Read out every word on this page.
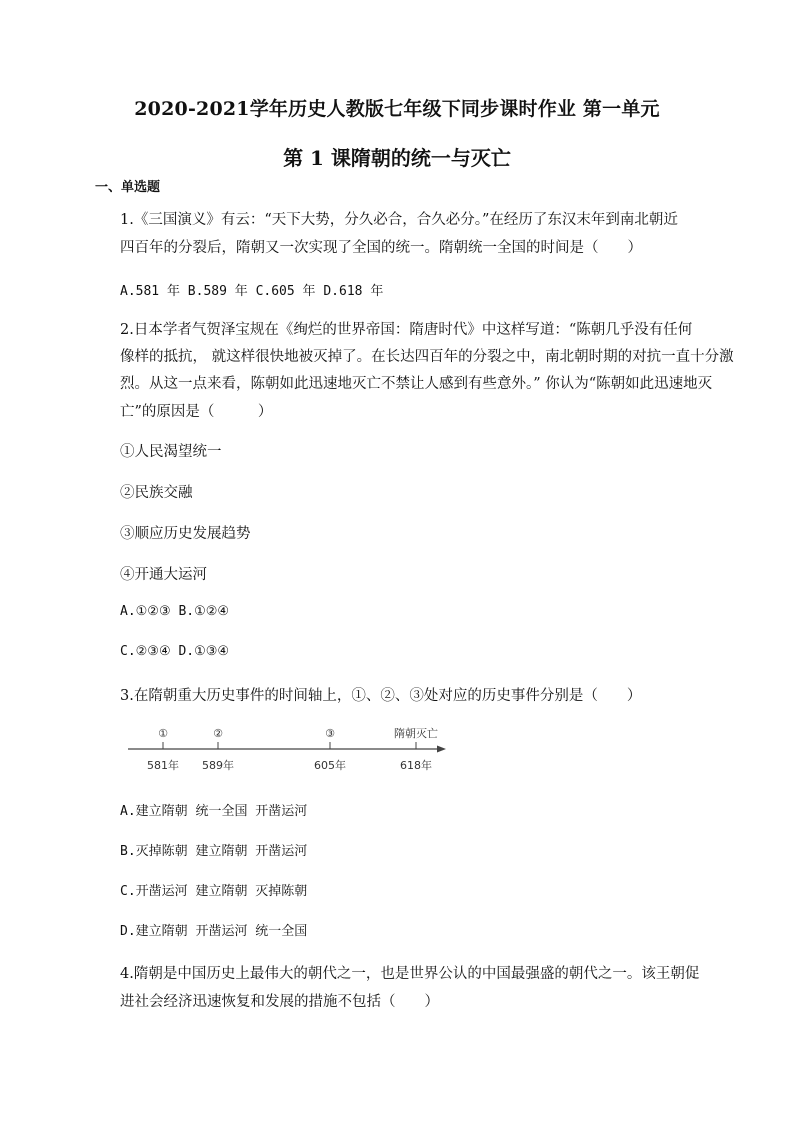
2020-2021学年历史人教版七年级下同步课时作业 第一单元
第 1 课隋朝的统一与灭亡
一、单选题
1.《三国演义》有云：“天下大势，分久必合，合久必分。”在经历了东汉末年到南北朝近
四百年的分裂后，隋朝又一次实现了全国的统一。隋朝统一全国的时间是（　　）
A.581 年 B.589 年 C.605 年 D.618 年
2.日本学者气贺泽宝规在《绚烂的世界帝国：隋唐时代》中这样写道：“陈朝几乎没有任何
像样的抵抗， 就这样很快地被灭掉了。在长达四百年的分裂之中，南北朝时期的对抗一直十分激
烈。从这一点来看，陈朝如此迅速地灭亡不禁让人感到有些意外。” 你认为“陈朝如此迅速地灭
亡”的原因是（　　　）
①人民渴望统一
②民族交融
③顺应历史发展趋势
④开通大运河
A.①②③ B.①②④
C.②③④ D.①③④
3.在隋朝重大历史事件的时间轴上，①、②、③处对应的历史事件分别是（　　）
①
581年
②
589年
③
605年
隋朝灭亡
618年
A.建立隋朝 统一全国 开凿运河
B.灭掉陈朝 建立隋朝 开凿运河
C.开凿运河 建立隋朝 灭掉陈朝
D.建立隋朝 开凿运河 统一全国
4.隋朝是中国历史上最伟大的朝代之一，也是世界公认的中国最强盛的朝代之一。该王朝促
进社会经济迅速恢复和发展的措施不包括（　　）
